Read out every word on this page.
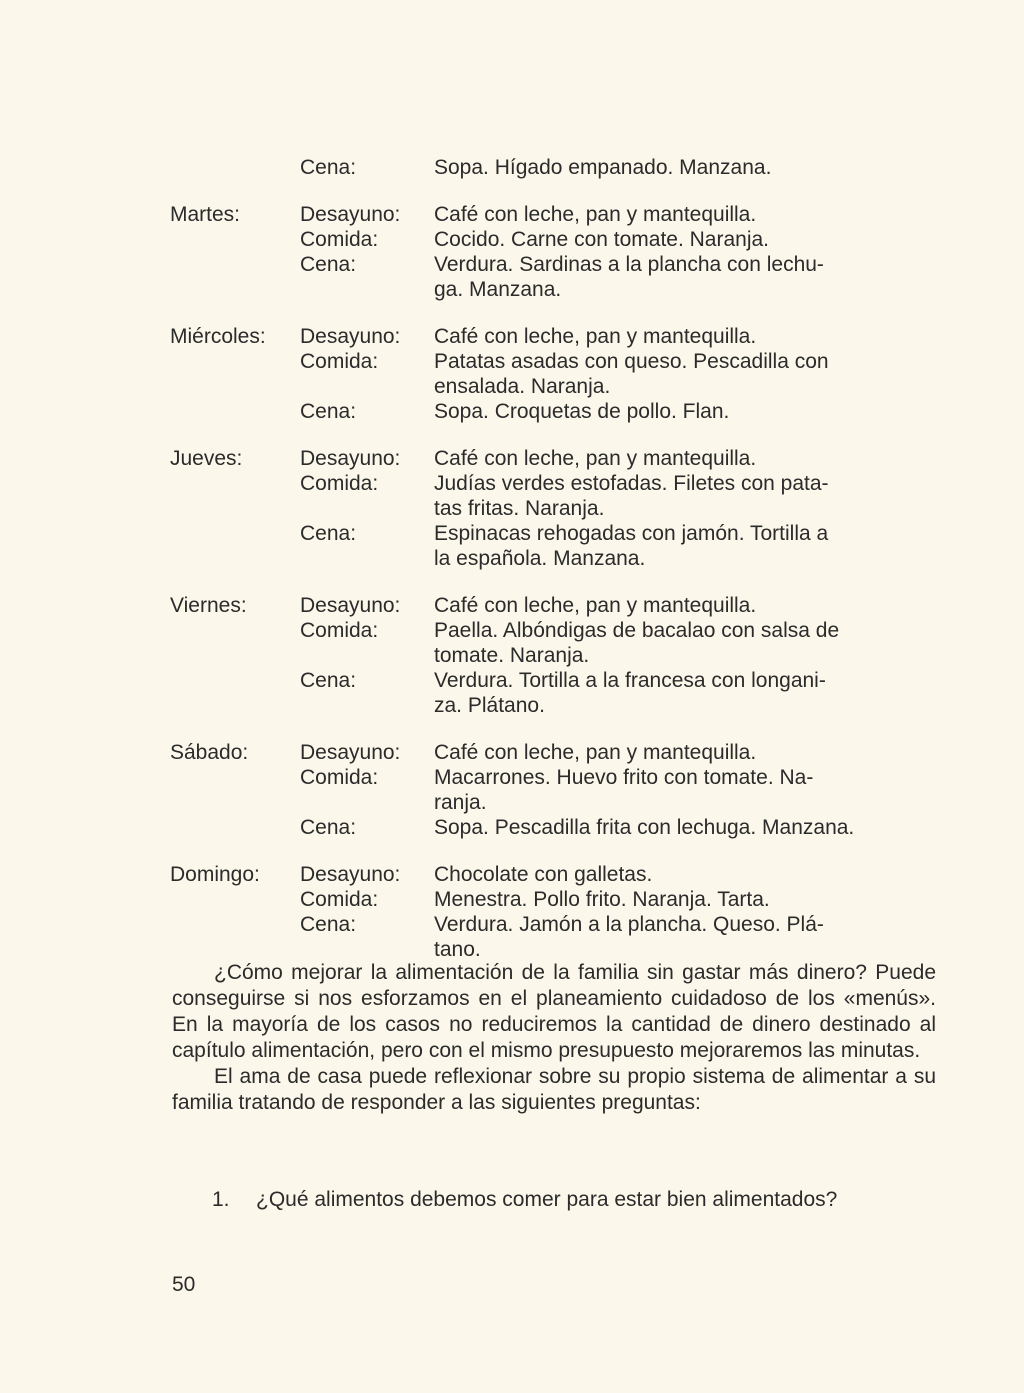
Cena:	Sopa. Hígado empanado. Manzana.
Martes:	Desayuno:	Café con leche, pan y mantequilla.
Comida:	Cocido. Carne con tomate. Naranja.
Cena:	Verdura. Sardinas a la plancha con lechu-
ga. Manzana.
Miércoles:	Desayuno:	Café con leche, pan y mantequilla.
Comida:	Patatas asadas con queso. Pescadilla con
ensalada. Naranja.
Cena:	Sopa. Croquetas de pollo. Flan.
Jueves:	Desayuno:	Café con leche, pan y mantequilla.
Comida:	Judías verdes estofadas. Filetes con pata-
tas fritas. Naranja.
Cena:	Espinacas rehogadas con jamón. Tortilla a
la española. Manzana.
Viernes:	Desayuno:	Café con leche, pan y mantequilla.
Comida:	Paella. Albóndigas de bacalao con salsa de
tomate. Naranja.
Cena:	Verdura. Tortilla a la francesa con longani-
za. Plátano.
Sábado:	Desayuno:	Café con leche, pan y mantequilla.
Comida:	Macarrones. Huevo frito con tomate. Na-
ranja.
Cena:	Sopa. Pescadilla frita con lechuga. Manzana.
Domingo:	Desayuno:	Chocolate con galletas.
Comida:	Menestra. Pollo frito. Naranja. Tarta.
Cena:	Verdura. Jamón a la plancha. Queso. Plá-
tano.

¿Cómo mejorar la alimentación de la familia sin gastar más dinero? Puede conseguirse si nos esforzamos en el planeamiento cuidadoso de los «menús». En la mayoría de los casos no reduciremos la cantidad de dinero destinado al capítulo alimentación, pero con el mismo presupuesto mejoraremos las minutas.

El ama de casa puede reflexionar sobre su propio sistema de alimentar a su familia tratando de responder a las siguientes preguntas:

1.	¿Qué alimentos debemos comer para estar bien alimentados?
50
